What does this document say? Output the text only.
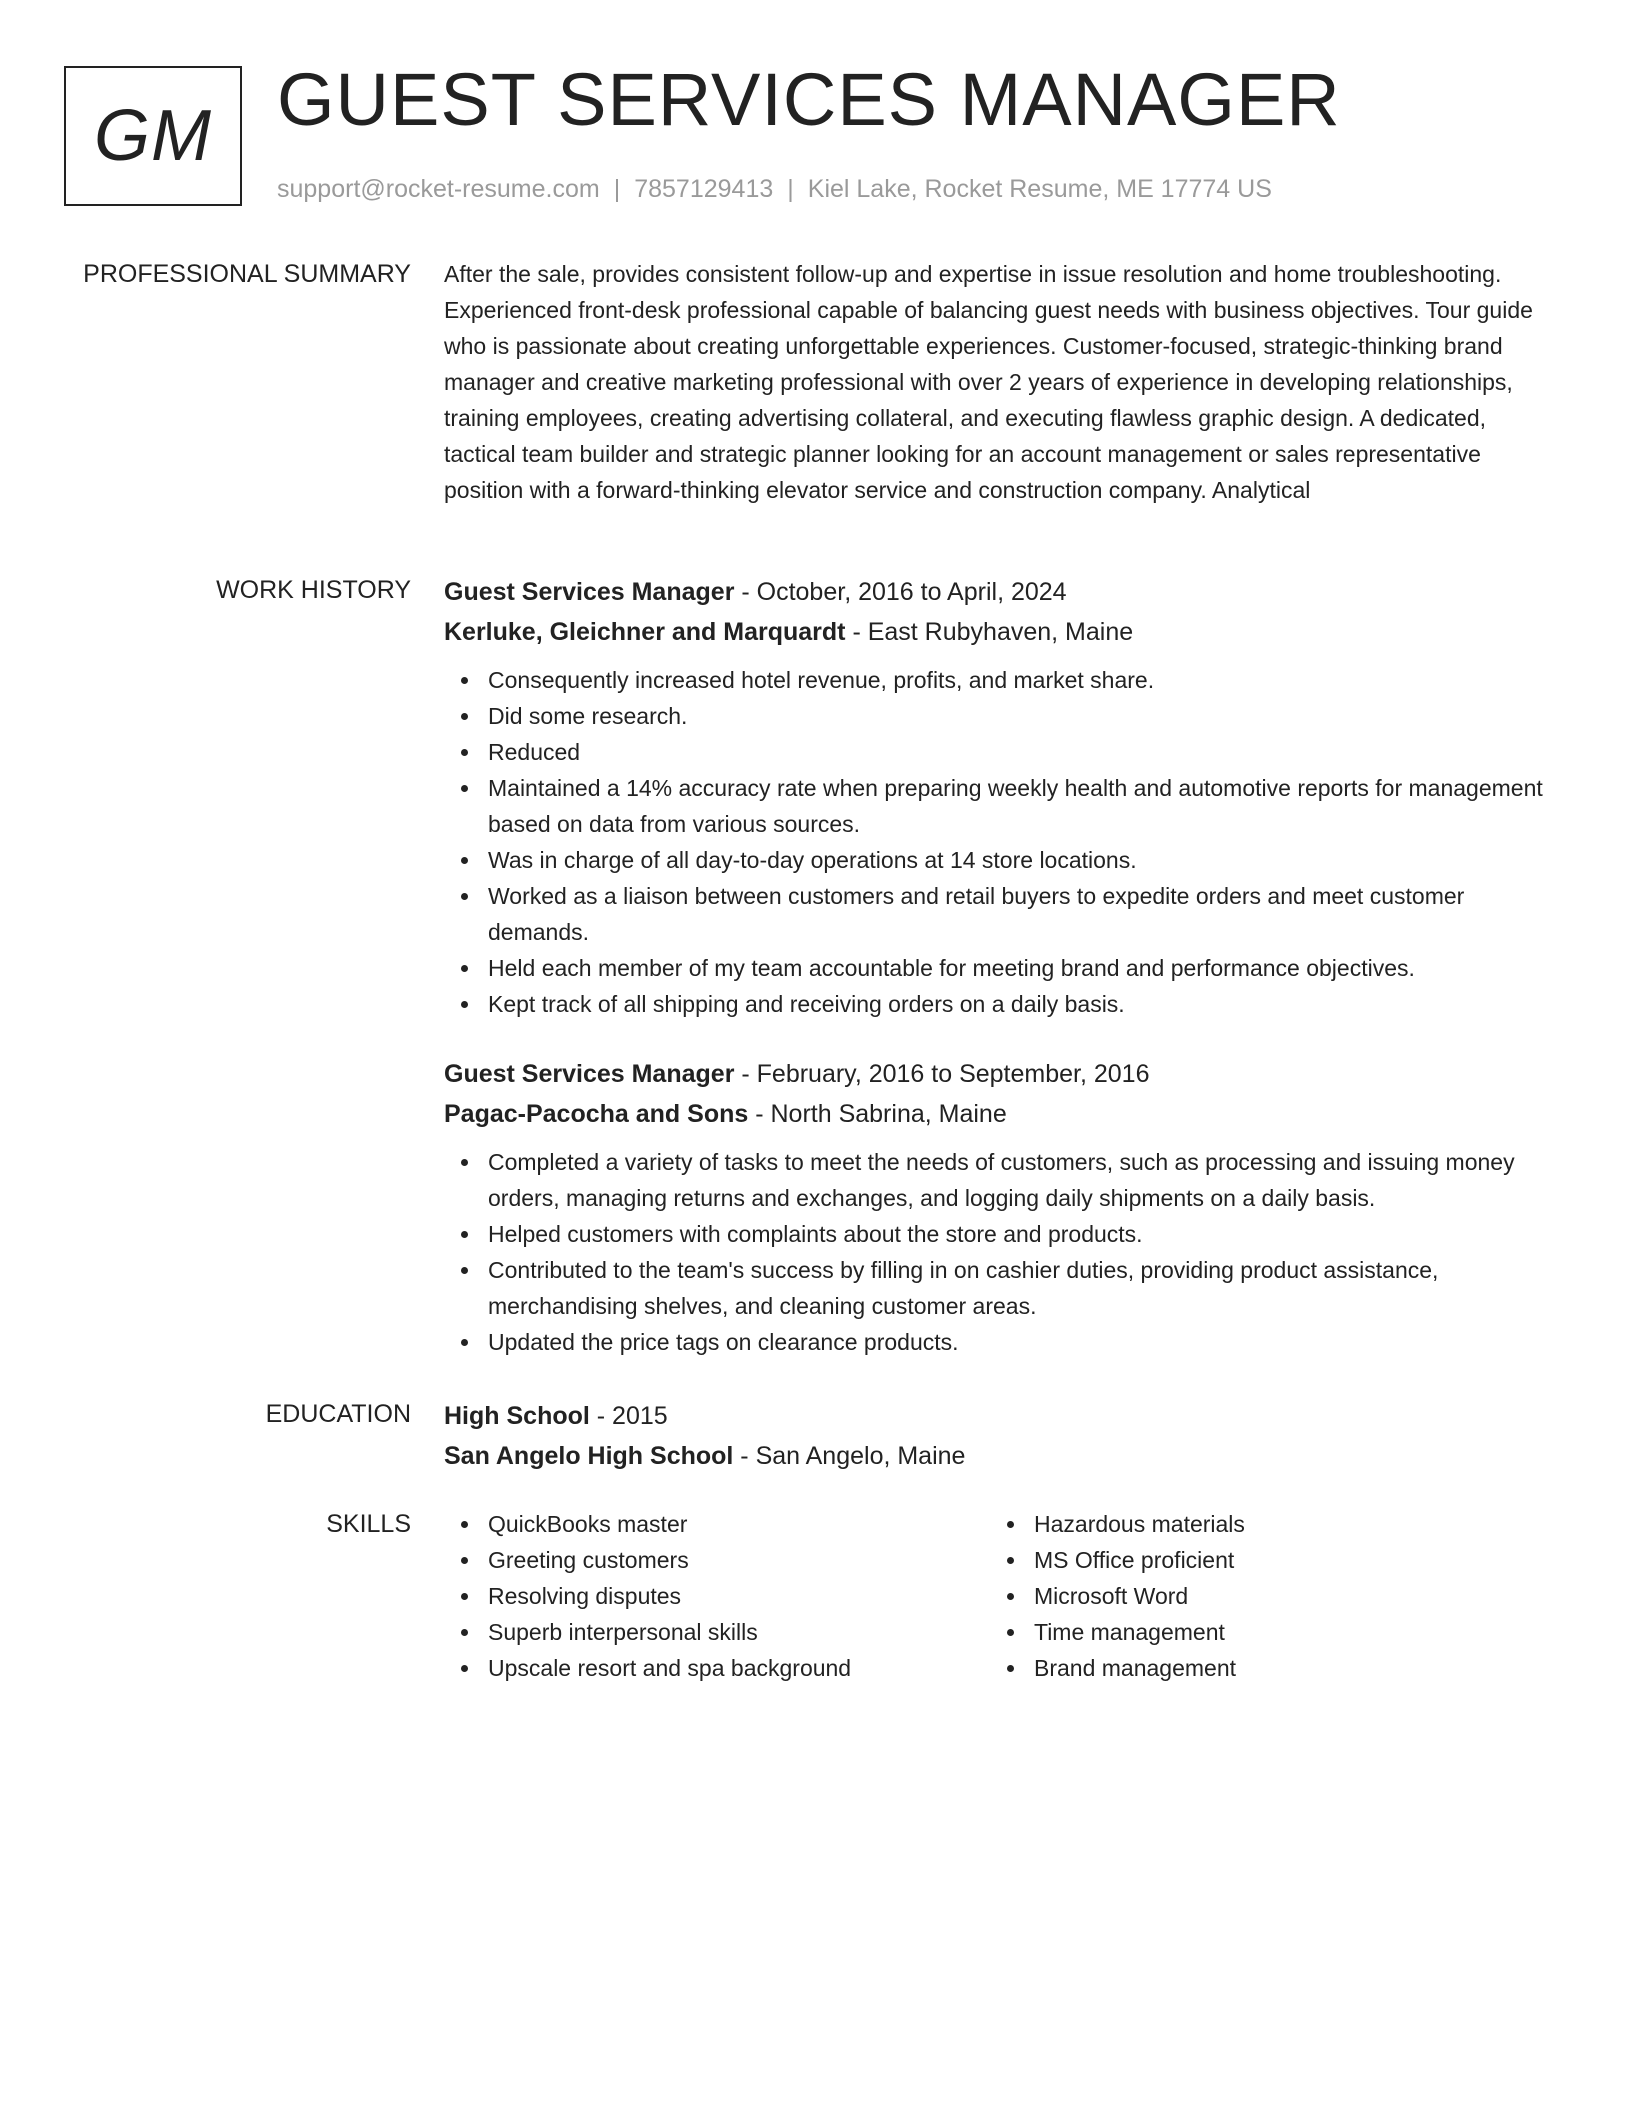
GM GUEST SERVICES MANAGER
support@rocket-resume.com | 7857129413 | Kiel Lake, Rocket Resume, ME 17774 US
PROFESSIONAL SUMMARY After the sale, provides consistent follow-up and expertise in issue resolution and home troubleshooting. Experienced front-desk professional capable of balancing guest needs with business objectives. Tour guide who is passionate about creating unforgettable experiences. Customer-focused, strategic-thinking brand manager and creative marketing professional with over 2 years of experience in developing relationships, training employees, creating advertising collateral, and executing flawless graphic design. A dedicated, tactical team builder and strategic planner looking for an account management or sales representative position with a forward-thinking elevator service and construction company. Analytical

WORK HISTORY Guest Services Manager - October, 2016 to April, 2024
Kerluke, Gleichner and Marquardt - East Rubyhaven, Maine
Consequently increased hotel revenue, profits, and market share.
Did some research.
Reduced
Maintained a 14% accuracy rate when preparing weekly health and automotive reports for management based on data from various sources.
Was in charge of all day-to-day operations at 14 store locations.
Worked as a liaison between customers and retail buyers to expedite orders and meet customer demands.
Held each member of my team accountable for meeting brand and performance objectives.
Kept track of all shipping and receiving orders on a daily basis.
Guest Services Manager - February, 2016 to September, 2016
Pagac-Pacocha and Sons - North Sabrina, Maine
Completed a variety of tasks to meet the needs of customers, such as processing and issuing money orders, managing returns and exchanges, and logging daily shipments on a daily basis.
Helped customers with complaints about the store and products.
Contributed to the team's success by filling in on cashier duties, providing product assistance, merchandising shelves, and cleaning customer areas.
Updated the price tags on clearance products.
EDUCATION High School - 2015
San Angelo High School - San Angelo, Maine
SKILLS	QuickBooks master
Greeting customers
Resolving disputes
Superb interpersonal skills
Upscale resort and spa background
Hazardous materials
MS Office proficient
Microsoft Word
Time management
Brand management
